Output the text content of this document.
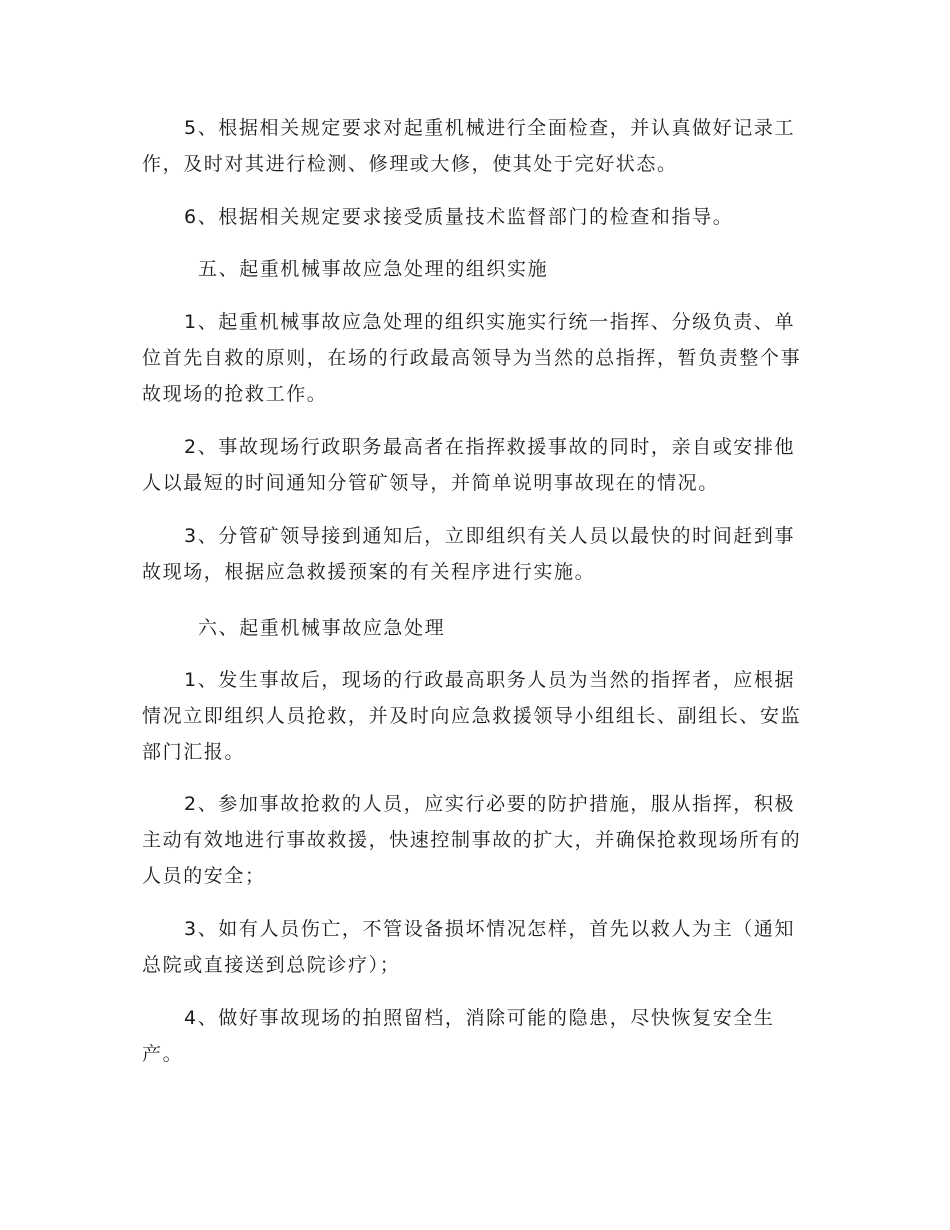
5、根据相关规定要求对起重机械进行全面检查，并认真做好记录工作，及时对其进行检测、修理或大修，使其处于完好状态。

6、根据相关规定要求接受质量技术监督部门的检查和指导。

五、起重机械事故应急处理的组织实施

1、起重机械事故应急处理的组织实施实行统一指挥、分级负责、单位首先自救的原则，在场的行政最高领导为当然的总指挥，暂负责整个事故现场的抢救工作。

2、事故现场行政职务最高者在指挥救援事故的同时，亲自或安排他人以最短的时间通知分管矿领导，并简单说明事故现在的情况。

3、分管矿领导接到通知后，立即组织有关人员以最快的时间赶到事故现场，根据应急救援预案的有关程序进行实施。

六、起重机械事故应急处理

1、发生事故后，现场的行政最高职务人员为当然的指挥者，应根据情况立即组织人员抢救，并及时向应急救援领导小组组长、副组长、安监部门汇报。

2、参加事故抢救的人员，应实行必要的防护措施，服从指挥，积极主动有效地进行事故救援，快速控制事故的扩大，并确保抢救现场所有的人员的安全；

3、如有人员伤亡，不管设备损坏情况怎样，首先以救人为主（通知总院或直接送到总院诊疗）；

4、做好事故现场的拍照留档，消除可能的隐患，尽快恢复安全生产。
